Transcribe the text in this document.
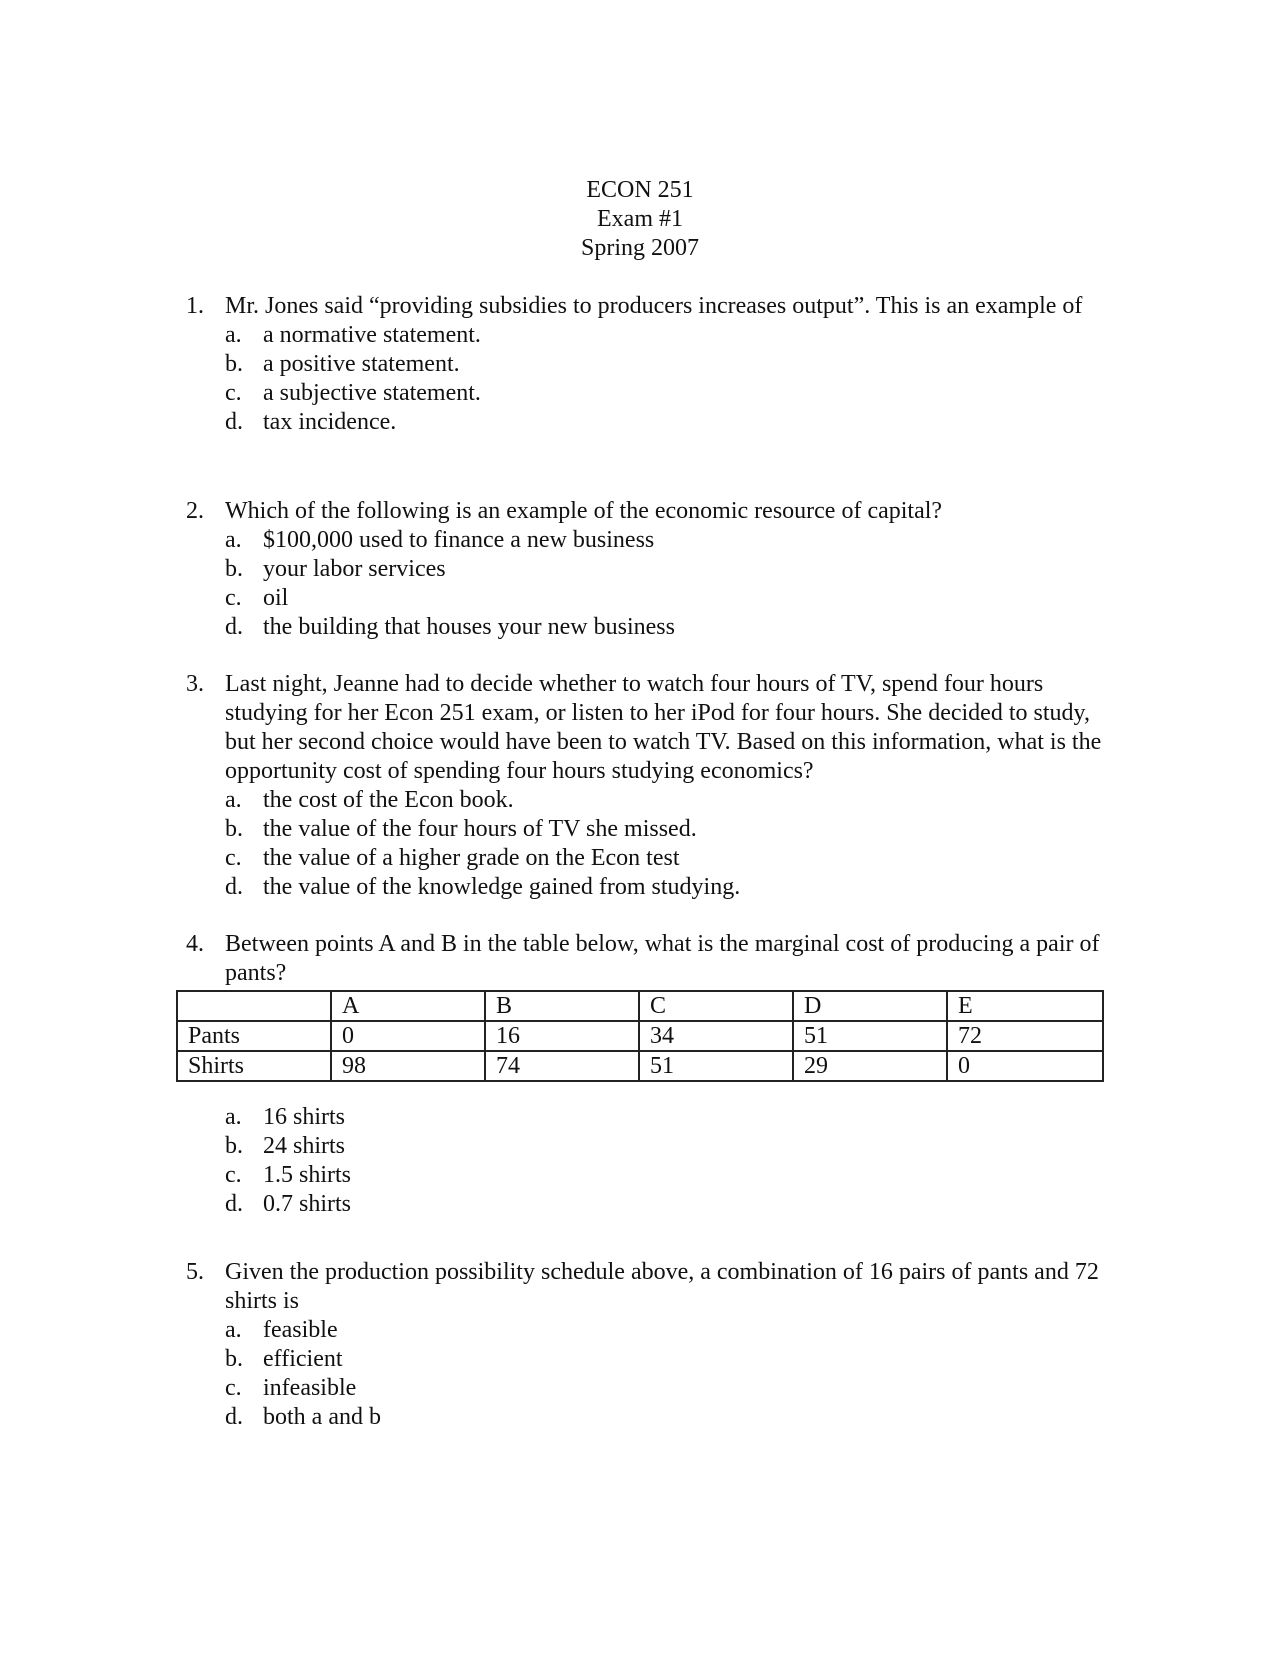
ECON 251
Exam #1
Spring 2007
1. Mr. Jones said “providing subsidies to producers increases output”. This is an example of
a. a normative statement.
b. a positive statement.
c. a subjective statement.
d. tax incidence.
2. Which of the following is an example of the economic resource of capital?
a. $100,000 used to finance a new business
b. your labor services
c. oil
d. the building that houses your new business
3. Last night, Jeanne had to decide whether to watch four hours of TV, spend four hours studying for her Econ 251 exam, or listen to her iPod for four hours. She decided to study, but her second choice would have been to watch TV. Based on this information, what is the opportunity cost of spending four hours studying economics?
a. the cost of the Econ book.
b. the value of the four hours of TV she missed.
c. the value of a higher grade on the Econ test
d. the value of the knowledge gained from studying.
4. Between points A and B in the table below, what is the marginal cost of producing a pair of pants?
	A	B	C	D	E
Pants	0	16	34	51	72
Shirts	98	74	51	29	0
a. 16 shirts
b. 24 shirts
c. 1.5 shirts
d. 0.7 shirts
5. Given the production possibility schedule above, a combination of 16 pairs of pants and 72 shirts is
a. feasible
b. efficient
c. infeasible
d. both a and b
